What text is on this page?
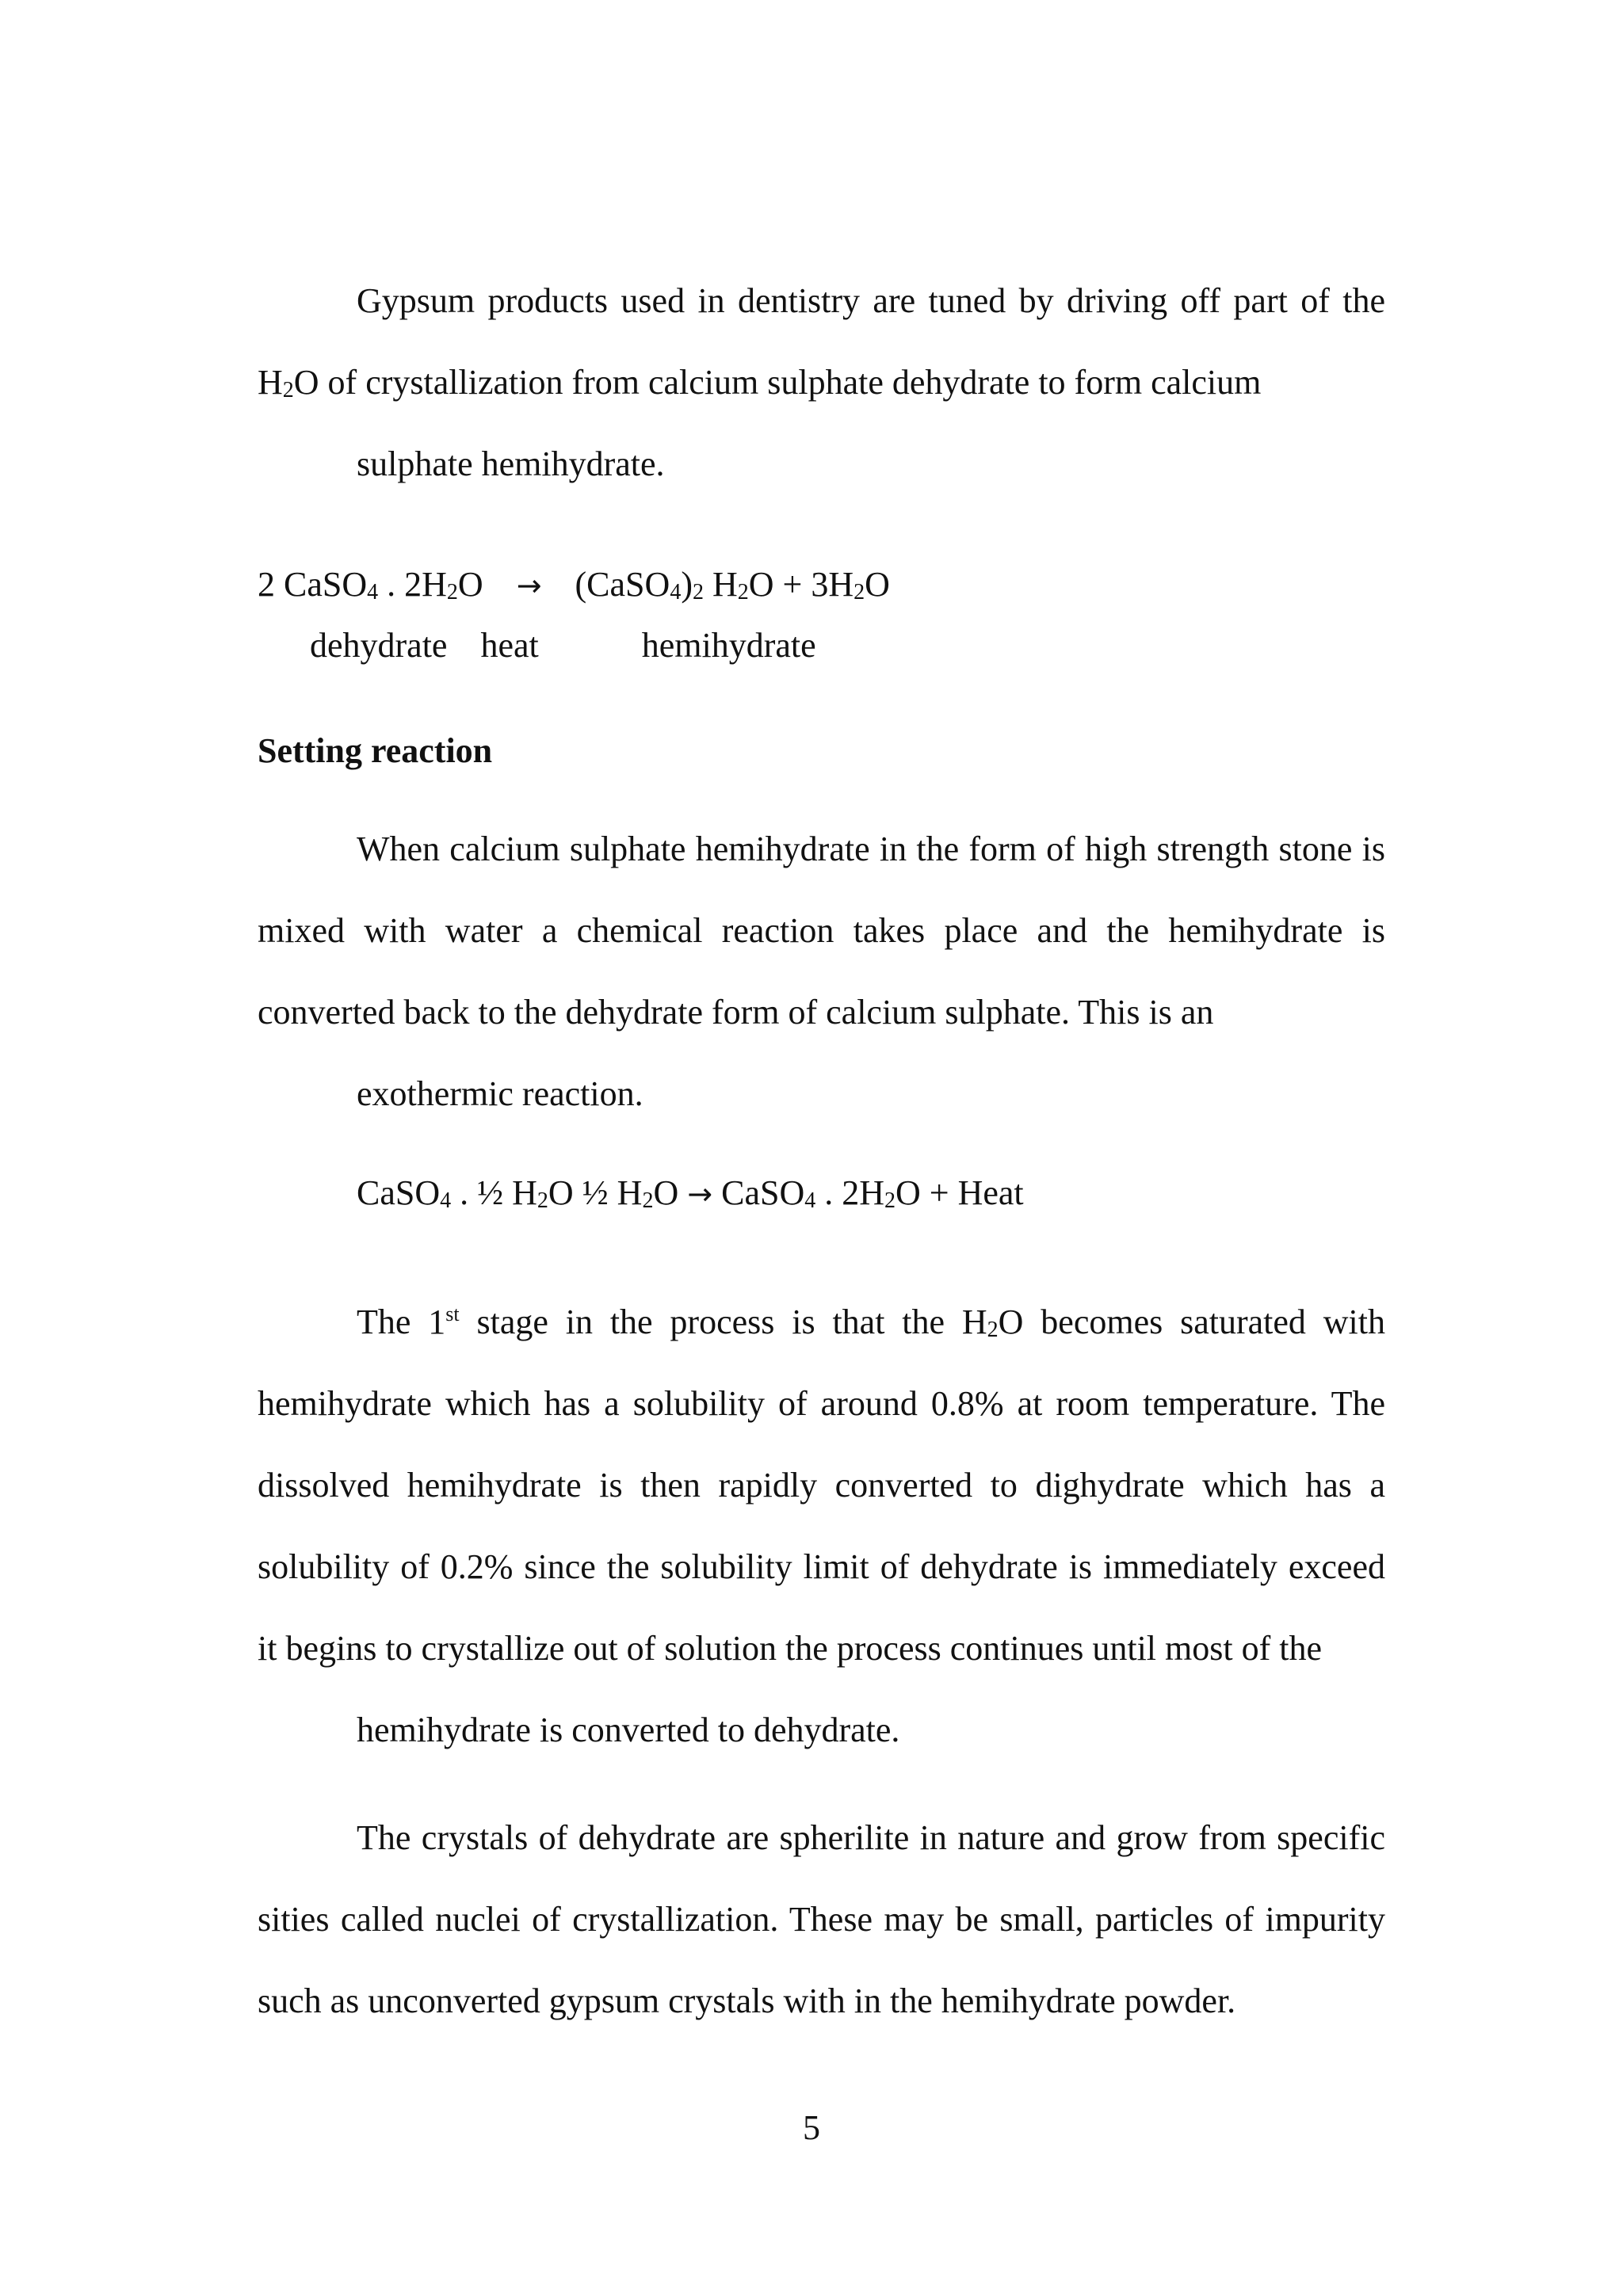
Gypsum products used in dentistry are tuned by driving off part of the $H_2O$ of crystallization from calcium sulphate dehydrate to form calcium
sulphate hemihydrate.

2 CaSO$_4$ . $2H_2O$ → $(CaSO_4)_2$ $H_2O + 3H_2O$
dehydrate heat	hemihydrate
Setting reaction

When calcium sulphate hemihydrate in the form of high strength stone is mixed with water a chemical reaction takes place and the hemihydrate is converted back to the dehydrate form of calcium sulphate. This is an
exothermic reaction.

CaSO$_4$ . ½ $H_2O$ ½ $H_2O$ → CaSO$_4$ . $2H_2O$ + Heat

The 1st stage in the process is that the $H_2O$ becomes saturated with hemihydrate which has a solubility of around 0.8% at room temperature. The dissolved hemihydrate is then rapidly converted to dighydrate which has a solubility of 0.2% since the solubility limit of dehydrate is immediately exceed it begins to crystallize out of solution the process continues until most of the
hemihydrate is converted to dehydrate.

The crystals of dehydrate are spherilite in nature and grow from specific sities called nuclei of crystallization. These may be small, particles of impurity such as unconverted gypsum crystals with in the hemihydrate powder.

5
